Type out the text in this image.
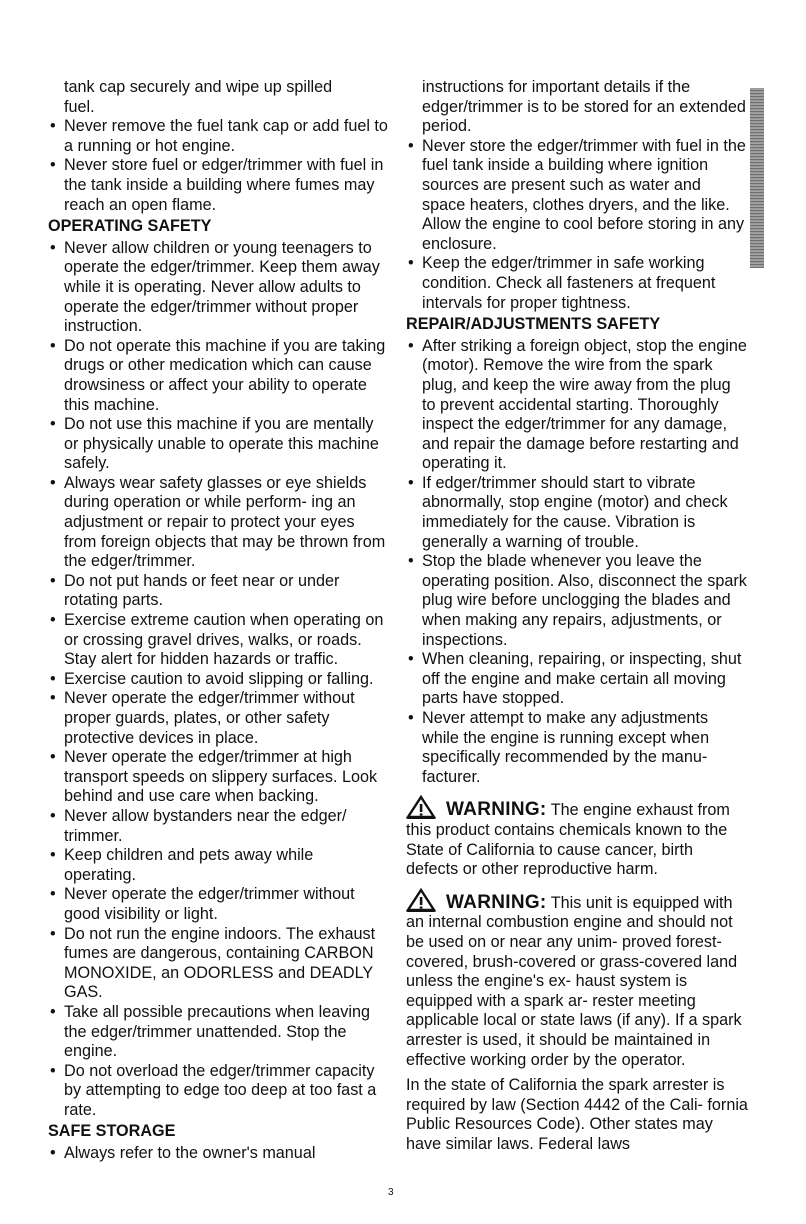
tank cap securely and wipe up spilled
fuel.
• Never remove the fuel tank cap or add fuel to a running or hot engine.
• Never store fuel or edger/trimmer with fuel in the tank inside a building where fumes may reach an open flame.
OPERATING SAFETY
• Never allow children or young teenagers to operate the edger/trimmer. Keep them away while it is operating. Never allow adults to operate the edger/trimmer without proper instruction.
• Do not operate this machine if you are taking drugs or other medication which can cause drowsiness or affect your ability to operate this machine.
• Do not use this machine if you are mentally or physically unable to operate this machine safely.
• Always wear safety glasses or eye shields during operation or while perform- ing an adjustment or repair to protect your eyes from foreign objects that may be thrown from the edger/trimmer.
• Do not put hands or feet near or under rotating parts.
• Exercise extreme caution when operating on or crossing gravel drives, walks, or roads. Stay alert for hidden hazards or traffic.
• Exercise caution to avoid slipping or falling.
• Never operate the edger/trimmer without proper guards, plates, or other safety protective devices in place.
• Never operate the edger/trimmer at high transport speeds on slippery surfaces. Look behind and use care when backing.
• Never allow bystanders near the edger/ trimmer.
• Keep children and pets away while operating.
• Never operate the edger/trimmer without good visibility or light.
• Do not run the engine indoors. The exhaust fumes are dangerous, containing CARBON MONOXIDE, an ODORLESS and DEADLY GAS.
• Take all possible precautions when leaving the edger/trimmer unattended. Stop the engine.
• Do not overload the edger/trimmer capacity by attempting to edge too deep at too fast a rate.
SAFE STORAGE
• Always refer to the owner's manual
instructions for important details if the edger/trimmer is to be stored for an extended period.
• Never store the edger/trimmer with fuel in the fuel tank inside a building where ignition sources are present such as water and space heaters, clothes dryers, and the like. Allow the engine to cool before storing in any enclosure.
• Keep the edger/trimmer in safe working condition. Check all fasteners at frequent intervals for proper tightness.
REPAIR/ADJUSTMENTS SAFETY
• After striking a foreign object, stop the engine (motor). Remove the wire from the spark plug, and keep the wire away from the plug to prevent accidental starting. Thoroughly inspect the edger/trimmer for any damage, and repair the damage before restarting and operating it.
• If edger/trimmer should start to vibrate abnormally, stop engine (motor) and check immediately for the cause. Vibration is generally a warning of trouble.
• Stop the blade whenever you leave the operating position. Also, disconnect the spark plug wire before unclogging the blades and when making any repairs, adjustments, or inspections.
• When cleaning, repairing, or inspecting, shut off the engine and make certain all moving parts have stopped.
• Never attempt to make any adjustments while the engine is running except when specifically recommended by the manu- facturer.

WARNING: The engine exhaust from this product contains chemicals known to the State of California to cause cancer, birth defects or other reproductive harm.

WARNING: This unit is equipped with an internal combustion engine and should not be used on or near any unim- proved forest-covered, brush-covered or grass-covered land unless the engine's ex- haust system is equipped with a spark ar- rester meeting applicable local or state laws (if any). If a spark arrester is used, it should be maintained in effective working order by the operator.

In the state of California the spark arrester is required by law (Section 4442 of the Cali- fornia Public Resources Code). Other states may have similar laws. Federal laws

3
